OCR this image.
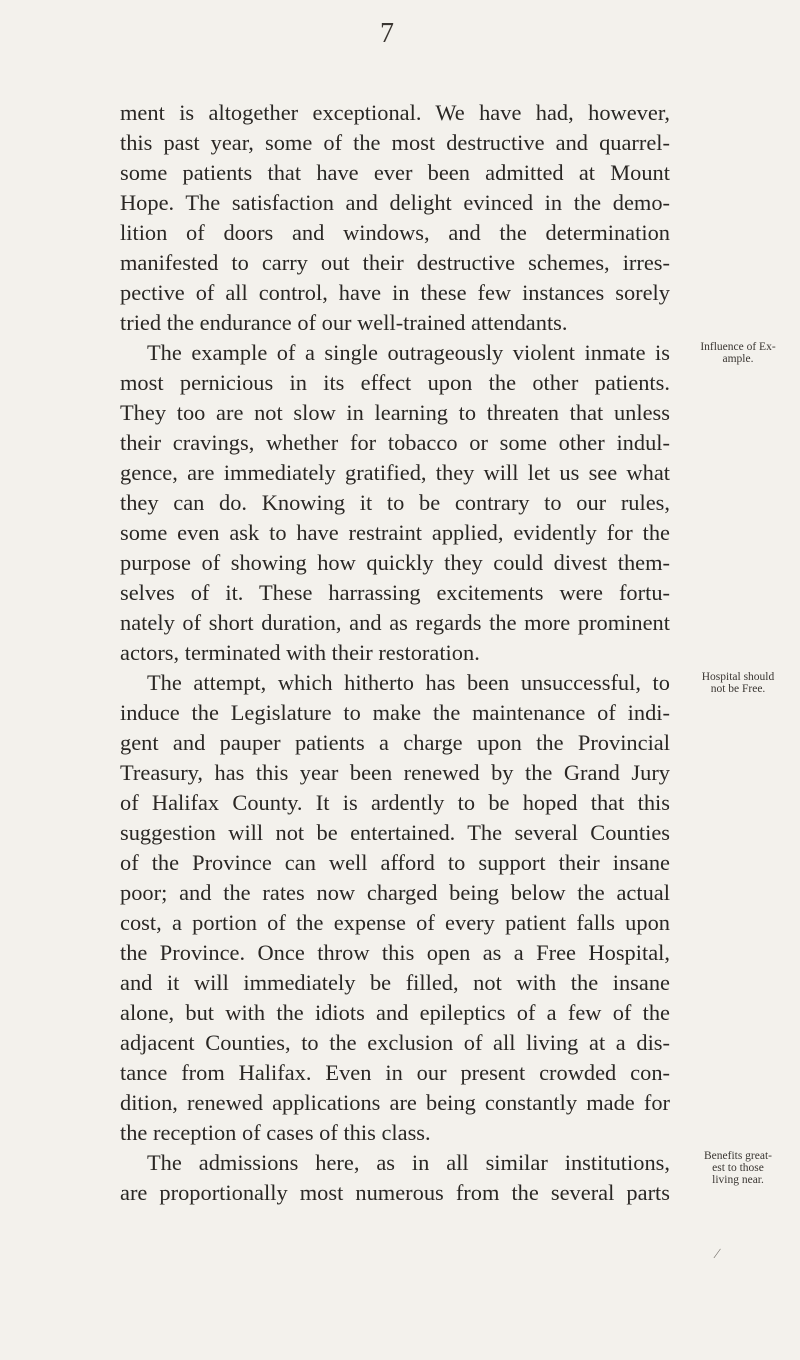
7
ment is altogether exceptional. We have had, however,
this past year, some of the most destructive and quarrel-
some patients that have ever been admitted at Mount
Hope. The satisfaction and delight evinced in the demo-
lition of doors and windows, and the determination
manifested to carry out their destructive schemes, irres-
pective of all control, have in these few instances sorely
tried the endurance of our well-trained attendants.
The example of a single outrageously violent inmate is
most pernicious in its effect upon the other patients.
They too are not slow in learning to threaten that unless
their cravings, whether for tobacco or some other indul-
gence, are immediately gratified, they will let us see what
they can do. Knowing it to be contrary to our rules,
some even ask to have restraint applied, evidently for the
purpose of showing how quickly they could divest them-
selves of it. These harrassing excitements were fortu-
nately of short duration, and as regards the more prominent
actors, terminated with their restoration.
The attempt, which hitherto has been unsuccessful, to
induce the Legislature to make the maintenance of indi-
gent and pauper patients a charge upon the Provincial
Treasury, has this year been renewed by the Grand Jury
of Halifax County. It is ardently to be hoped that this
suggestion will not be entertained. The several Counties
of the Province can well afford to support their insane
poor; and the rates now charged being below the actual
cost, a portion of the expense of every patient falls upon
the Province. Once throw this open as a Free Hospital,
and it will immediately be filled, not with the insane
alone, but with the idiots and epileptics of a few of the
adjacent Counties, to the exclusion of all living at a dis-
tance from Halifax. Even in our present crowded con-
dition, renewed applications are being constantly made for
the reception of cases of this class.
The admissions here, as in all similar institutions,
are proportionally most numerous from the several parts
Influence of Ex-
ample.
Hospital should
not be Free.
Benefits great-
est to those
living near.
∕
